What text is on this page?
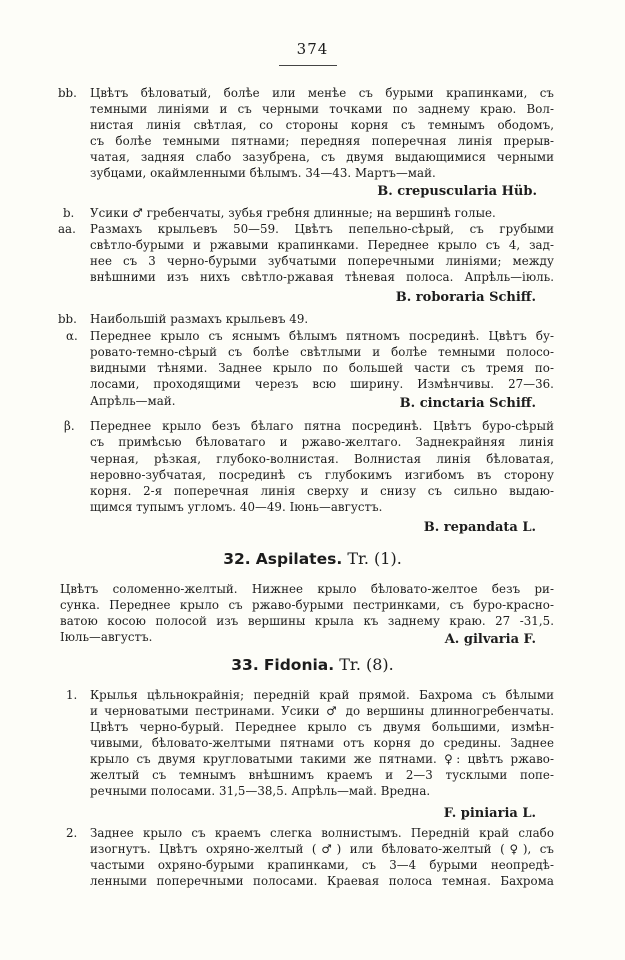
374
bb. Цвѣтъ бѣловатый, болѣе или менѣе съ бурыми крапинками, съ
темными линіями и съ черными точками по заднему краю. Вол-
нистая линія свѣтлая, со стороны корня съ темнымъ ободомъ,
съ болѣе темными пятнами; передняя поперечная линія прерыв-
чатая, задняя слабо зазубрена, съ двумя выдающимися черными
зубцами, окаймленными бѣлымъ. 34—43. Мартъ—май.
B. crepuscularia Hüb.
b. Усики ♂ гребенчаты, зубья гребня длинные; на вершинѣ голые.
aa. Размахъ крыльевъ 50—59. Цвѣтъ пепельно-сѣрый, съ грубыми
свѣтло-бурыми и ржавыми крапинками. Переднее крыло съ 4, зад-
нее съ 3 черно-бурыми зубчатыми поперечными линіями; между
внѣшними изъ нихъ свѣтло-ржавая тѣневая полоса. Апрѣль—іюль.
B. roboraria Schiff.
bb. Наибольшій размахъ крыльевъ 49.
α. Переднее крыло съ яснымъ бѣлымъ пятномъ посрединѣ. Цвѣтъ бу-
ровато-темно-сѣрый съ болѣе свѣтлыми и болѣе темными полосо-
видными тѣнями. Заднее крыло по большей части съ тремя по-
лосами, проходящими черезъ всю ширину. Измѣнчивы. 27—36.
Апрѣль—май.	B. cinctaria Schiff.
β. Переднее крыло безъ бѣлаго пятна посрединѣ. Цвѣтъ буро-сѣрый
съ примѣсью бѣловатаго и ржаво-желтаго. Заднекрайняя линія
черная, рѣзкая, глубоко-волнистая. Волнистая линія бѣловатая,
неровно-зубчатая, посрединѣ съ глубокимъ изгибомъ въ сторону
корня. 2-я поперечная линія сверху и снизу съ сильно выдаю-
щимся тупымъ угломъ. 40—49. Іюнь—августъ.
B. repandata L.
32. Aspilates. Tr. (1).
Цвѣтъ соломенно-желтый. Нижнее крыло бѣловато-желтое безъ ри-
сунка. Переднее крыло съ ржаво-бурыми пестринками, съ буро-красно-
ватою косою полосой изъ вершины крыла къ заднему краю. 27 -31,5.
Іюль—августъ.	A. gilvaria F.
33. Fidonia. Tr. (8).
1. Крылья цѣльнокрайнія; передній край прямой. Бахрома съ бѣлыми
и черноватыми пестринами. Усики ♂ до вершины длинногребенчаты.
Цвѣтъ черно-бурый. Переднее крыло съ двумя большими, измѣн-
чивыми, бѣловато-желтыми пятнами отъ корня до средины. Заднее
крыло съ двумя кругловатыми такими же пятнами. ♀: цвѣтъ ржаво-
желтый съ темнымъ внѣшнимъ краемъ и 2—3 тусклыми попе-
речными полосами. 31,5—38,5. Апрѣль—май. Вредна.
F. piniaria L.
2. Заднее крыло съ краемъ слегка волнистымъ. Переднiй край слабо
изогнутъ. Цвѣтъ охряно-желтый (♂) или бѣловато-желтый (♀), съ
частыми охряно-бурыми крапинками, съ 3—4 бурыми неопредѣ-
ленными поперечными полосами. Краевая полоса темная. Бахрома
